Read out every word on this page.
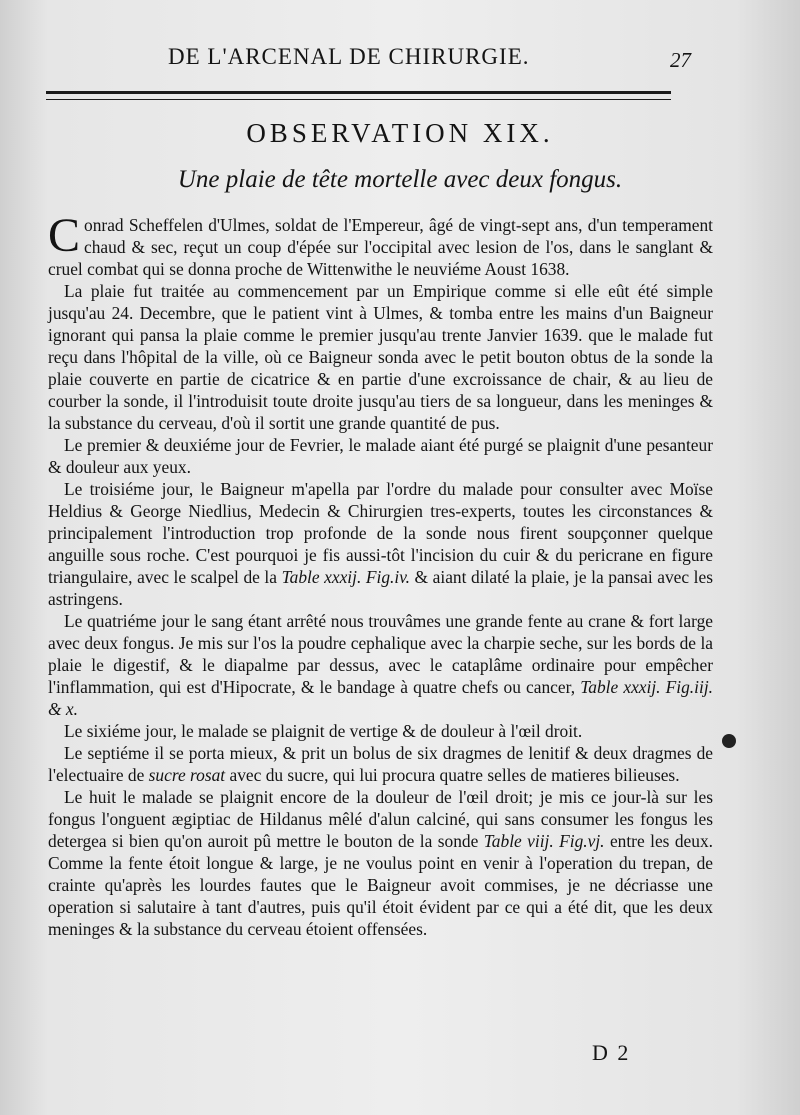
DE L'ARCENAL DE CHIRURGIE.	27
OBSERVATION XIX.
Une plaie de tête mortelle avec deux fongus.

Conrad Scheffelen d'Ulmes, soldat de l'Empereur, âgé de vingt-sept ans, d'un temperament chaud & sec, reçut un coup d'épée sur l'occipital avec lesion de l'os, dans le sanglant & cruel combat qui se donna proche de Wittenwithe le neuviéme Aoust 1638.

La plaie fut traitée au commencement par un Empirique comme si elle eût été simple jusqu'au 24. Decembre, que le patient vint à Ulmes, & tomba entre les mains d'un Baigneur ignorant qui pansa la plaie comme le premier jusqu'au trente Janvier 1639. que le malade fut reçu dans l'hôpital de la ville, où ce Baigneur sonda avec le petit bouton obtus de la sonde la plaie couverte en partie de cicatrice & en partie d'une excroissance de chair, & au lieu de courber la sonde, il l'introduisit toute droite jusqu'au tiers de sa longueur, dans les meninges & la substance du cerveau, d'où il sortit une grande quantité de pus.

Le premier & deuxiéme jour de Fevrier, le malade aiant été purgé se plaignit d'une pesanteur & douleur aux yeux.

Le troisiéme jour, le Baigneur m'apella par l'ordre du malade pour consulter avec Moïse Heldius & George Niedlius, Medecin & Chirurgien tres-experts, toutes les circonstances & principalement l'introduction trop profonde de la sonde nous firent soupçonner quelque anguille sous roche. C'est pourquoi je fis aussi-tôt l'incision du cuir & du pericrane en figure triangulaire, avec le scalpel de la Table xxxij. Fig.iv. & aiant dilaté la plaie, je la pansai avec les astringens.

Le quatriéme jour le sang étant arrêté nous trouvâmes une grande fente au crane & fort large avec deux fongus. Je mis sur l'os la poudre cephalique avec la charpie seche, sur les bords de la plaie le digestif, & le diapalme par dessus, avec le cataplâme ordinaire pour empêcher l'inflammation, qui est d'Hipocrate, & le bandage à quatre chefs ou cancer, Table xxxij. Fig.iij. & x.

Le sixiéme jour, le malade se plaignit de vertige & de douleur à l'œil droit.

Le septiéme il se porta mieux, & prit un bolus de six dragmes de lenitif & deux dragmes de l'electuaire de sucre rosat avec du sucre, qui lui procura quatre selles de matieres bilieuses.

Le huit le malade se plaignit encore de la douleur de l'œil droit; je mis ce jour-là sur les fongus l'onguent ægiptiac de Hildanus mêlé d'alun calciné, qui sans consumer les fongus les detergea si bien qu'on auroit pû mettre le bouton de la sonde Table viij. Fig.vj. entre les deux. Comme la fente étoit longue & large, je ne voulus point en venir à l'operation du trepan, de crainte qu'après les lourdes fautes que le Baigneur avoit commises, je ne décriasse une operation si salutaire à tant d'autres, puis qu'il étoit évident par ce qui a été dit, que les deux meninges & la substance du cerveau étoient offensées.

D 2
